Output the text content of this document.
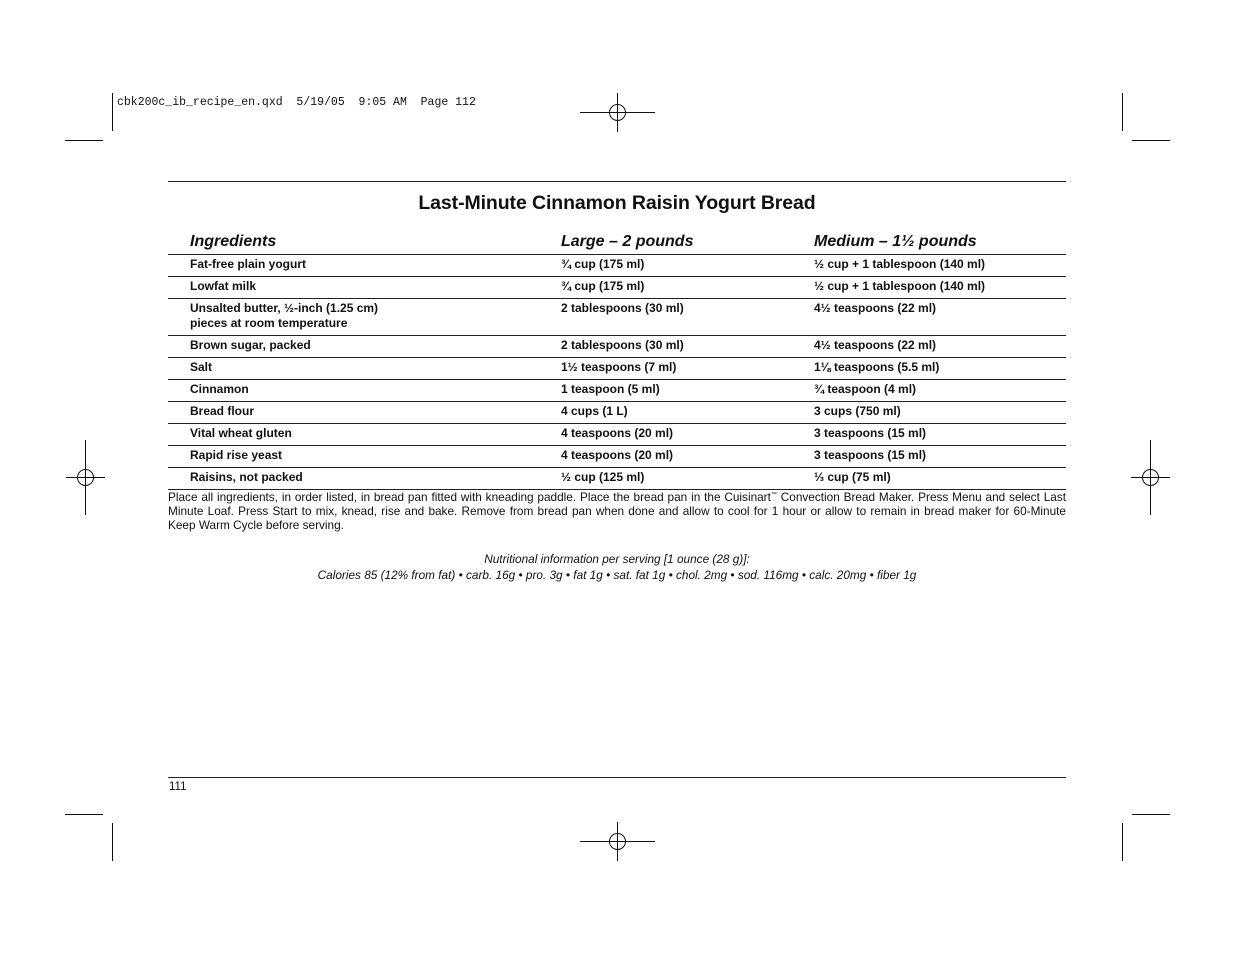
cbk200c_ib_recipe_en.qxd  5/19/05  9:05 AM  Page 112
Last-Minute Cinnamon Raisin Yogurt Bread
Ingredients	Large – 2 pounds	Medium – 1½ pounds
Fat-free plain yogurt	¾ cup (175 ml)	½ cup + 1 tablespoon (140 ml)
Lowfat milk	¾ cup (175 ml)	½ cup + 1 tablespoon (140 ml)
Unsalted butter, ½-inch (1.25 cm)
pieces at room temperature	2 tablespoons (30 ml)	4½ teaspoons (22 ml)
Brown sugar, packed	2 tablespoons (30 ml)	4½ teaspoons (22 ml)
Salt	1½ teaspoons (7 ml)	1⅛ teaspoons (5.5 ml)
Cinnamon	1 teaspoon (5 ml)	¾ teaspoon (4 ml)
Bread flour	4 cups (1 L)	3 cups (750 ml)
Vital wheat gluten	4 teaspoons (20 ml)	3 teaspoons (15 ml)
Rapid rise yeast	4 teaspoons (20 ml)	3 teaspoons (15 ml)
Raisins, not packed	½ cup (125 ml)	⅓ cup (75 ml)
Place all ingredients, in order listed, in bread pan fitted with kneading paddle. Place the bread pan in the Cuisinart™ Convection Bread Maker. Press Menu and select Last Minute Loaf. Press Start to mix, knead, rise and bake. Remove from bread pan when done and allow to cool for 1 hour or allow to remain in bread maker for 60-Minute Keep Warm Cycle before serving.
Nutritional information per serving [1 ounce (28 g)]:
Calories 85 (12% from fat) • carb. 16g • pro. 3g • fat 1g • sat. fat 1g • chol. 2mg • sod. 116mg • calc. 20mg • fiber 1g
111
